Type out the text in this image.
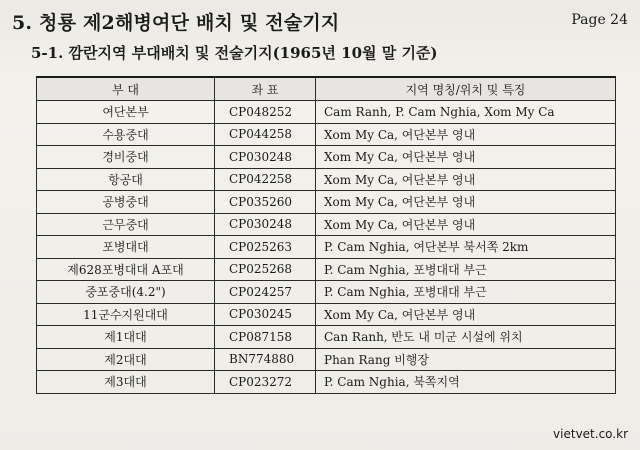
5. 청룡 제2해병여단 배치 및 전술기지	Page 24
5-1. 깜란지역 부대배치 및 전술기지(1965년 10월 말 기준)
부 대	좌 표	지역 명칭/위치 및 특징
여단본부	CP048252	Cam Ranh, P. Cam Nghia, Xom My Ca
수용중대	CP044258	Xom My Ca, 여단본부 영내
경비중대	CP030248	Xom My Ca, 여단본부 영내
항공대	CP042258	Xom My Ca, 여단본부 영내
공병중대	CP035260	Xom My Ca, 여단본부 영내
근무중대	CP030248	Xom My Ca, 여단본부 영내
포병대대	CP025263	P. Cam Nghia, 여단본부 북서쪽 2km
제628포병대대 A포대	CP025268	P. Cam Nghia, 포병대대 부근
중포중대(4.2")	CP024257	P. Cam Nghia, 포병대대 부근
11군수지원대대	CP030245	Xom My Ca, 여단본부 영내
제1대대	CP087158	Can Ranh, 반도 내 미군 시설에 위치
제2대대	BN774880	Phan Rang 비행장
제3대대	CP023272	P. Cam Nghia, 북쪽지역
vietvet.co.kr
